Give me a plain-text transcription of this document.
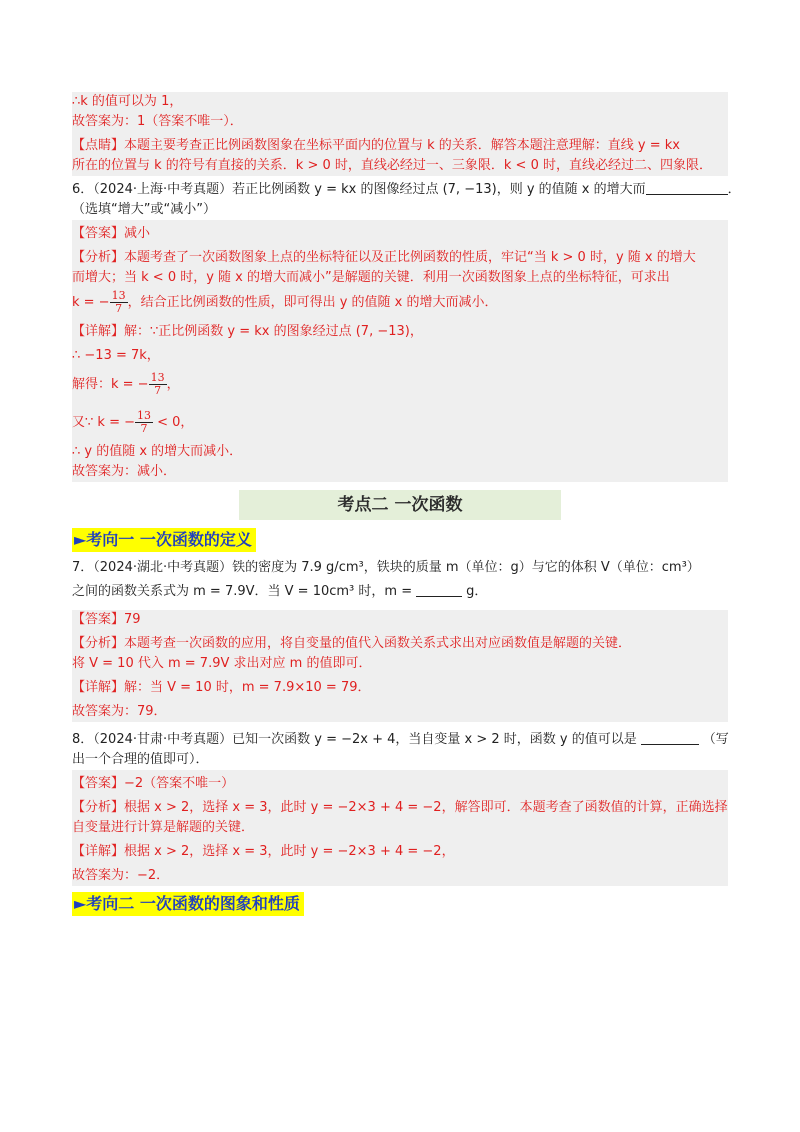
∴k 的值可以为 1，
故答案为：1（答案不唯一）．
【点睛】本题主要考查正比例函数图象在坐标平面内的位置与 k 的关系．解答本题注意理解：直线 y = kx
所在的位置与 k 的符号有直接的关系．k > 0 时，直线必经过一、三象限．k < 0 时，直线必经过二、四象限．
6．（2024·上海·中考真题）若正比例函数 y = kx 的图像经过点 (7, −13)，则 y 的值随 x 的增大而	．
（选填“增大”或“减小”）
【答案】减小
【分析】本题考查了一次函数图象上点的坐标特征以及正比例函数的性质，牢记“当 k > 0 时，y 随 x 的增大
而增大；当 k < 0 时，y 随 x 的增大而减小”是解题的关键．利用一次函数图象上点的坐标特征，可求出
k = − $\frac{13}{7}$ ，结合正比例函数的性质，即可得出 y 的值随 x 的增大而减小．
【详解】解：∵正比例函数 y = kx 的图象经过点 (7, −13)，
∴ −13 = 7k，
解得：k = − $\frac{13}{7}$ ，
又∵ k = − $\frac{13}{7} < 0$，
∴ y 的值随 x 的增大而减小．
故答案为：减小．
考点二 一次函数
►考向一 一次函数的定义
7．（2024·湖北·中考真题）铁的密度为 7.9 g/cm³，铁块的质量 m（单位：g）与它的体积 V（单位：cm³）
之间的函数关系式为 m = 7.9V．当 V = 10cm³ 时，m =	g．
【答案】79
【分析】本题考查一次函数的应用，将自变量的值代入函数关系式求出对应函数值是解题的关键．
将 V = 10 代入 m = 7.9V 求出对应 m 的值即可．
【详解】解：当 V = 10 时，m = 7.9×10 = 79．
故答案为：79．
8．（2024·甘肃·中考真题）已知一次函数 y = −2x + 4，当自变量 x > 2 时，函数 y 的值可以是	（写
出一个合理的值即可）．
【答案】−2（答案不唯一）
【分析】根据 x > 2，选择 x = 3，此时 y = −2×3 + 4 = −2，解答即可．本题考查了函数值的计算，正确选择
自变量进行计算是解题的关键．
【详解】根据 x > 2，选择 x = 3，此时 y = −2×3 + 4 = −2，
故答案为：−2．
►考向二 一次函数的图象和性质
